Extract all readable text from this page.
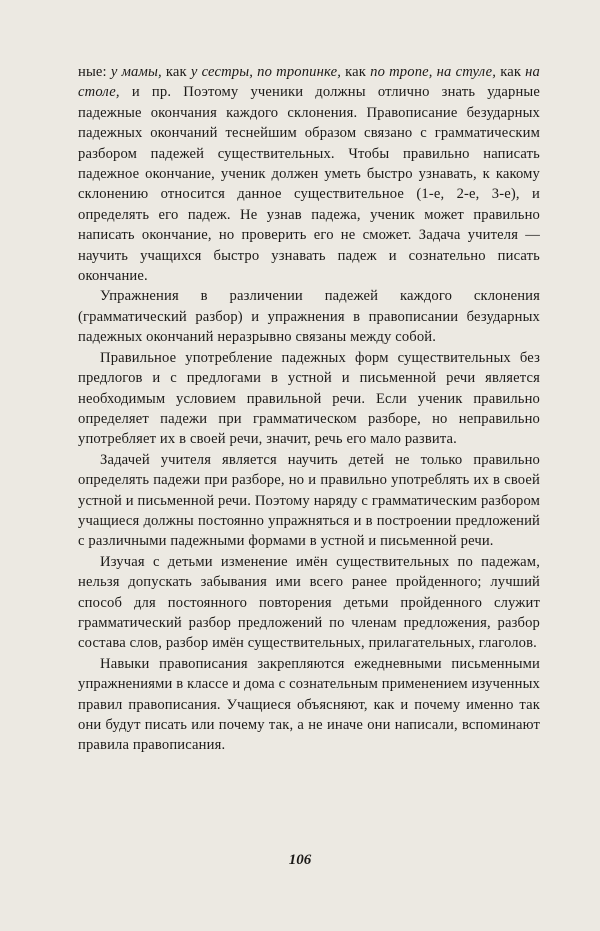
ные: у мамы, как у сестры, по тропинке, как по тропе, на стуле, как на столе, и пр. Поэтому ученики должны отлично знать ударные падежные окончания каждого склонения. Правописание безударных падежных окончаний теснейшим образом связано с грамматическим разбором падежей существительных. Чтобы правильно написать падежное окончание, ученик должен уметь быстро узнавать, к какому склонению относится данное существительное (1-е, 2-е, 3-е), и определять его падеж. Не узнав падежа, ученик может правильно написать окончание, но проверить его не сможет. Задача учителя — научить учащихся быстро узнавать падеж и сознательно писать окончание.

Упражнения в различении падежей каждого склонения (грамматический разбор) и упражнения в правописании безударных падежных окончаний неразрывно связаны между собой.

Правильное употребление падежных форм существительных без предлогов и с предлогами в устной и письменной речи является необходимым условием правильной речи. Если ученик правильно определяет падежи при грамматическом разборе, но неправильно употребляет их в своей речи, значит, речь его мало развита.

Задачей учителя является научить детей не только правильно определять падежи при разборе, но и правильно употреблять их в своей устной и письменной речи. Поэтому наряду с грамматическим разбором учащиеся должны постоянно упражняться и в построении предложений с различными падежными формами в устной и письменной речи.

Изучая с детьми изменение имён существительных по падежам, нельзя допускать забывания ими всего ранее пройденного; лучший способ для постоянного повторения детьми пройденного служит грамматический разбор предложений по членам предложения, разбор состава слов, разбор имён существительных, прилагательных, глаголов.

Навыки правописания закрепляются ежедневными письменными упражнениями в классе и дома с сознательным применением изученных правил правописания. Учащиеся объясняют, как и почему именно так они будут писать или почему так, а не иначе они написали, вспоминают правила правописания.

106
